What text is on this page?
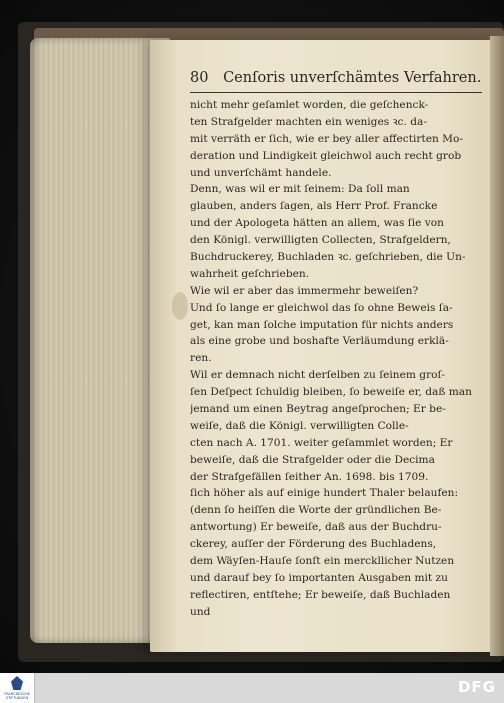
80 Cenſoris unverſchämtes Verfahren.
nicht mehr geſamlet worden, die geſchenck-
ten Strafgelder machten ein weniges ꝛc. da-
mit verräth er ſich, wie er bey aller affectirten Mo-
deration und Lindigkeit gleichwol auch recht grob
und unverſchämt handele.
Denn, was wil er mit ſeinem: Da ſoll man
glauben, anders ſagen, als Herr Prof. Francke
und der Apologeta hätten an allem, was ſie von
den Königl. verwilligten Collecten, Strafgeldern,
Buchdruckerey, Buchladen ꝛc. geſchrieben, die Un-
wahrheit geſchrieben.
Wie wil er aber das immermehr beweiſen?
Und ſo lange er gleichwol das ſo ohne Beweis ſa-
get, kan man ſolche imputation für nichts anders
als eine grobe und boshafte Verläumdung erklä-
ren.
Wil er demnach nicht derſelben zu ſeinem groſ-
ſen Deſpect ſchuldig bleiben, ſo beweiſe er, daß man
jemand um einen Beytrag angeſprochen; Er be-
weiſe, daß die Königl. verwilligten Colle-
cten nach A. 1701. weiter geſammlet worden; Er
beweiſe, daß die Strafgelder oder die Decima
der Strafgefällen ſeither An. 1698. bis 1709.
ſich höher als auf einige hundert Thaler belaufen:
(denn ſo heiſſen die Worte der gründlichen Be-
antwortung) Er beweiſe, daß aus der Buchdru-
ckerey, auſſer der Förderung des Buchladens,
dem Wäyſen-Hauſe ſonſt ein merckllicher Nutzen
und darauf bey ſo importanten Ausgaben mit zu
reflectiren, entſtehe; Er beweiſe, daß Buchladen
und
FRANCKESCHE STIFTUNGEN
DFG
